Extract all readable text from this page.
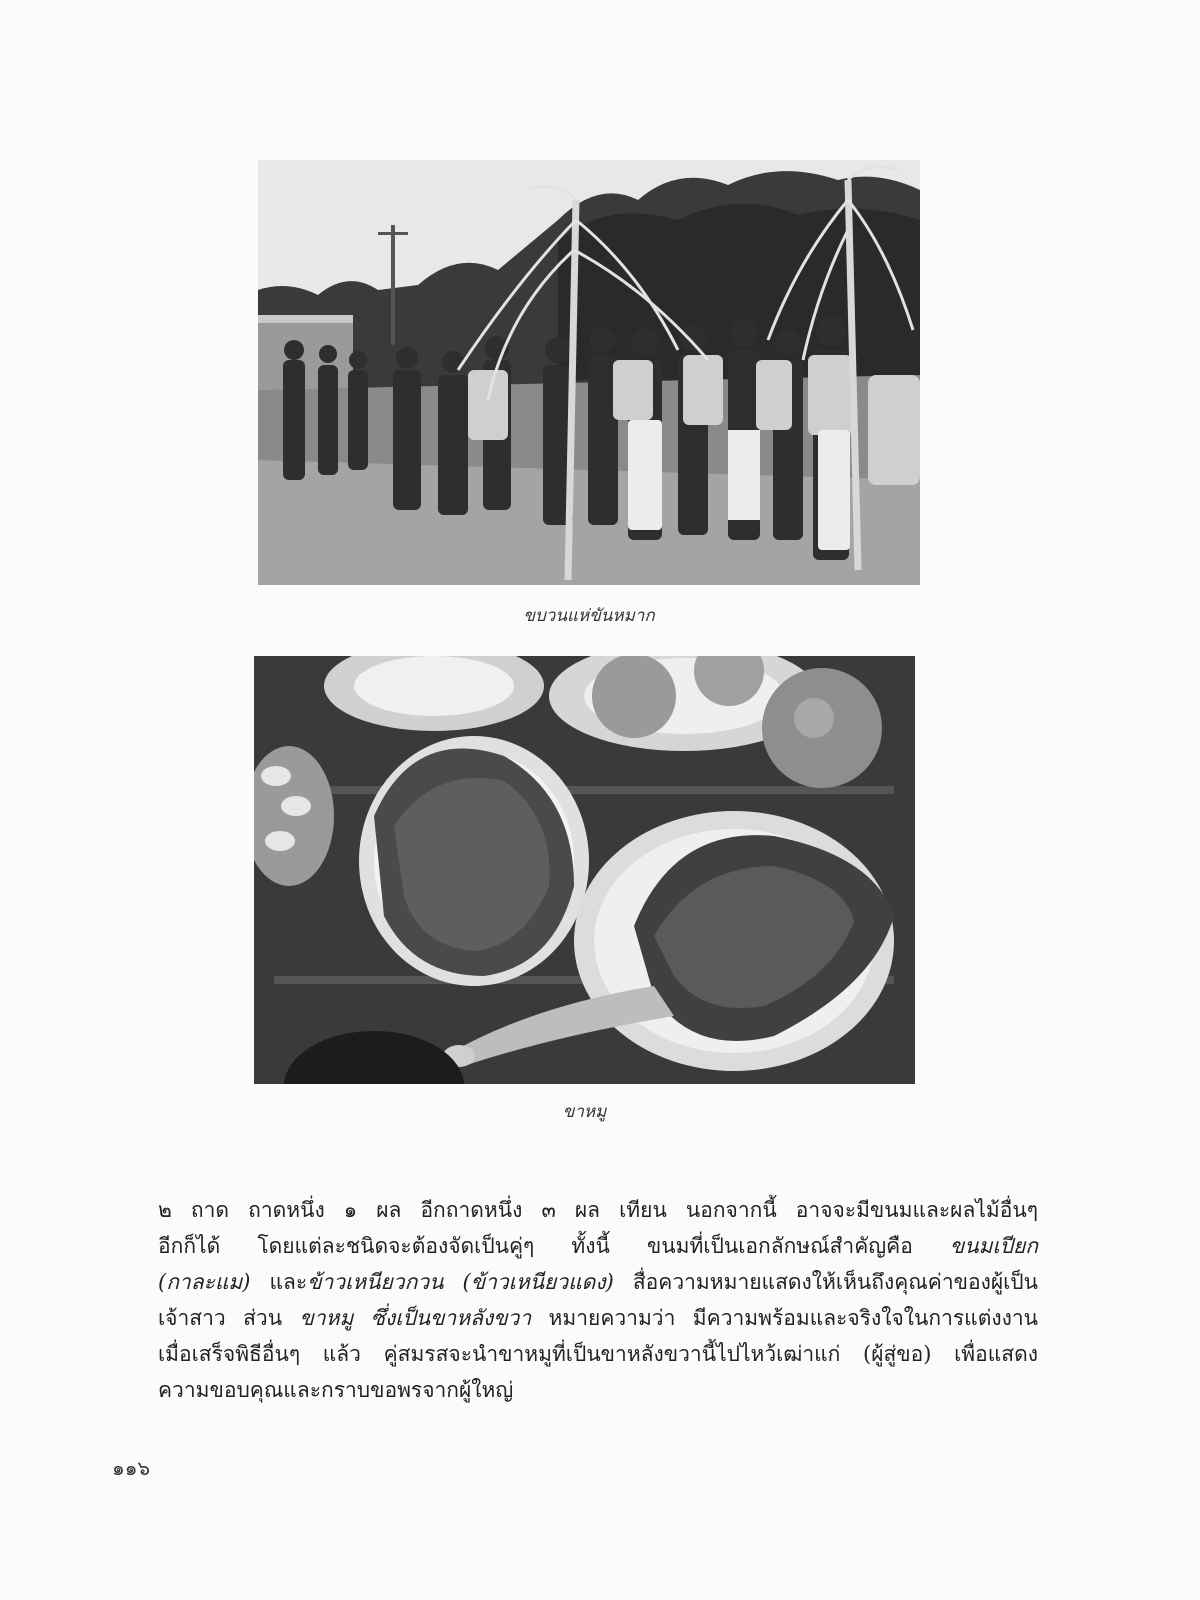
ขบวนแห่ขันหมาก
ขาหมู
๒ ถาด ถาดหนึ่ง ๑ ผล อีกถาดหนึ่ง ๓ ผล เทียน นอกจากนี้ อาจจะมีขนมและผลไม้อื่นๆ
อีกก็ได้ โดยแต่ละชนิดจะต้องจัดเป็นคู่ๆ ทั้งนี้ ขนมที่เป็นเอกลักษณ์สำคัญคือ ขนมเปียก
(กาละแม) และข้าวเหนียวกวน (ข้าวเหนียวแดง) สื่อความหมายแสดงให้เห็นถึงคุณค่าของผู้เป็น
เจ้าสาว ส่วน ขาหมู ซึ่งเป็นขาหลังขวา หมายความว่า มีความพร้อมและจริงใจในการแต่งงาน
เมื่อเสร็จพิธีอื่นๆ แล้ว คู่สมรสจะนำขาหมูที่เป็นขาหลังขวานี้ไปไหว้เฒ่าแก่ (ผู้สู่ขอ) เพื่อแสดง
ความขอบคุณและกราบขอพรจากผู้ใหญ่
๑๑๖
